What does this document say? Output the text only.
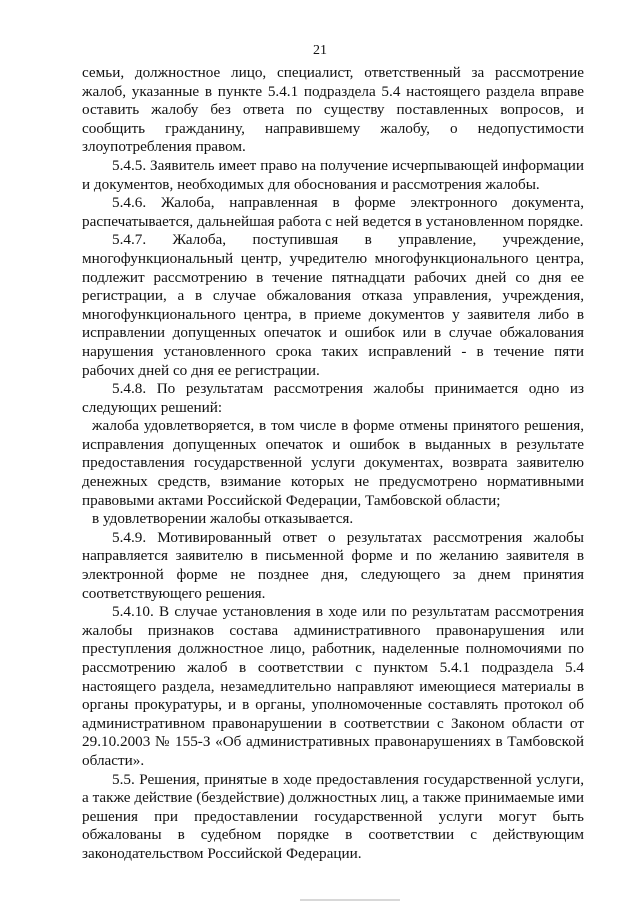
21

семьи, должностное лицо, специалист, ответственный за рассмотрение жалоб, указанные в пункте 5.4.1 подраздела 5.4 настоящего раздела вправе оставить жалобу без ответа по существу поставленных вопросов, и сообщить гражданину, направившему жалобу, о недопустимости злоупотребления правом.

5.4.5. Заявитель имеет право на получение исчерпывающей информации и документов, необходимых для обоснования и рассмотрения жалобы.

5.4.6. Жалоба, направленная в форме электронного документа, распечатывается, дальнейшая работа с ней ведется в установленном порядке.

5.4.7. Жалоба, поступившая в управление, учреждение, многофункциональный центр, учредителю многофункционального центра, подлежит рассмотрению в течение пятнадцати рабочих дней со дня ее регистрации, а в случае обжалования отказа управления, учреждения, многофункционального центра, в приеме документов у заявителя либо в исправлении допущенных опечаток и ошибок или в случае обжалования нарушения установленного срока таких исправлений - в течение пяти рабочих дней со дня ее регистрации.

5.4.8. По результатам рассмотрения жалобы принимается одно из следующих решений:

жалоба удовлетворяется, в том числе в форме отмены принятого решения, исправления допущенных опечаток и ошибок в выданных в результате предоставления государственной услуги документах, возврата заявителю денежных средств, взимание которых не предусмотрено нормативными правовыми актами Российской Федерации, Тамбовской области;

в удовлетворении жалобы отказывается.

5.4.9. Мотивированный ответ о результатах рассмотрения жалобы направляется заявителю в письменной форме и по желанию заявителя в электронной форме не позднее дня, следующего за днем принятия соответствующего решения.

5.4.10. В случае установления в ходе или по результатам рассмотрения жалобы признаков состава административного правонарушения или преступления должностное лицо, работник, наделенные полномочиями по рассмотрению жалоб в соответствии с пунктом 5.4.1 подраздела 5.4 настоящего раздела, незамедлительно направляют имеющиеся материалы в органы прокуратуры, и в органы, уполномоченные составлять протокол об административном правонарушении в соответствии с Законом области от 29.10.2003 № 155-З «Об административных правонарушениях в Тамбовской области».

5.5. Решения, принятые в ходе предоставления государственной услуги, а также действие (бездействие) должностных лиц, а также принимаемые ими решения при предоставлении государственной услуги могут быть обжалованы в судебном порядке в соответствии с действующим законодательством Российской Федерации.
